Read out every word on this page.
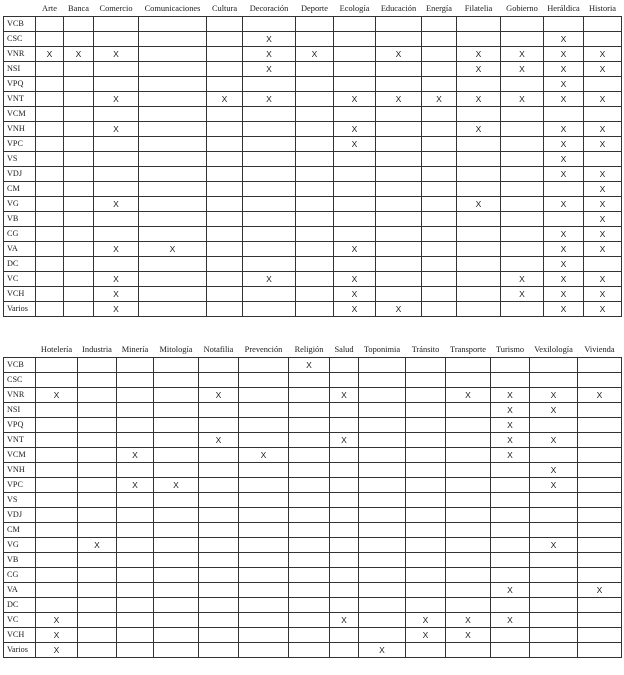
	Arte	Banca	Comercio	Comunicaciones	Cultura	Decoración	Deporte	Ecología	Educación	Energía	Filatelia	Gobierno	Heráldica	Historia
VCB														
CSC						X							X	
VNR	X	X	X			X	X		X		X	X	X	X
NSI						X					X	X	X	X
VPQ													X	
VNT			X		X	X		X	X	X	X	X	X	X
VCM														
VNH			X					X			X		X	X
VPC								X					X	X
VS													X	
VDJ													X	X
CM														X
VG			X								X		X	X
VB														X
CG													X	X
VA			X	X				X					X	X
DC													X	
VC			X			X		X				X	X	X
VCH			X					X				X	X	X
Varios			X					X	X				X	X
	Hotelería	Industria	Minería	Mitología	Notafilia	Prevención	Religión	Salud	Toponimia	Tránsito	Transporte	Turismo	Vexilología	Vivienda
VCB							X							
CSC														
VNR	X				X			X			X	X	X	X
NSI												X	X	
VPQ												X		
VNT					X			X				X	X	
VCM			X			X						X		
VNH													X	
VPC			X	X									X	
VS														
VDJ														
CM														
VG		X											X	
VB														
CG														
VA												X		X
DC														
VC	X							X		X	X	X		
VCH	X									X	X			
Varios	X								X					
